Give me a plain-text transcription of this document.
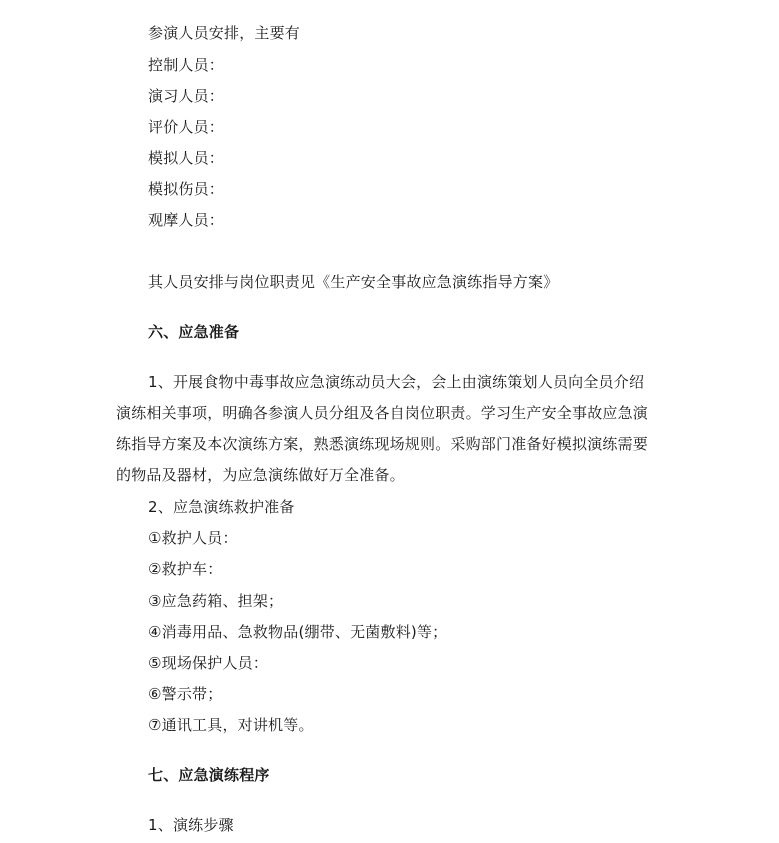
参演人员安排，主要有
控制人员：
演习人员：
评价人员：
模拟人员：
模拟伤员：
观摩人员：
其人员安排与岗位职责见《生产安全事故应急演练指导方案》
六、应急准备
1、开展食物中毒事故应急演练动员大会，会上由演练策划人员向全员介绍
演练相关事项，明确各参演人员分组及各自岗位职责。学习生产安全事故应急演
练指导方案及本次演练方案，熟悉演练现场规则。采购部门准备好模拟演练需要
的物品及器材，为应急演练做好万全准备。
2、应急演练救护准备
①救护人员：
②救护车：
③应急药箱、担架；
④消毒用品、急救物品(绷带、无菌敷料)等；
⑤现场保护人员：
⑥警示带；
⑦通讯工具，对讲机等。
七、应急演练程序
1、演练步骤
